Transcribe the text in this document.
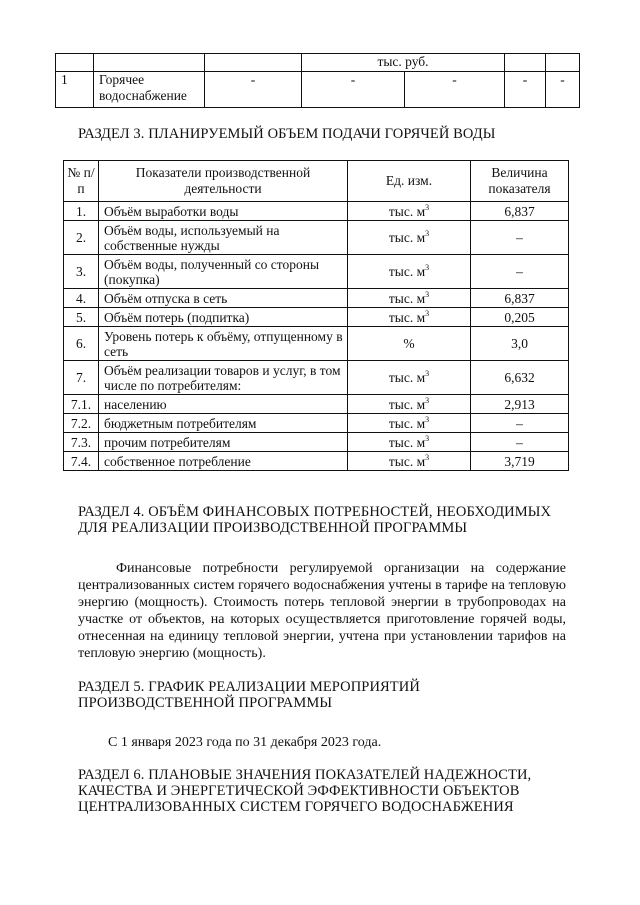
			тыс. руб.			
1	Горячее водоснабжение	-	-	-	-	-
РАЗДЕЛ 3. ПЛАНИРУЕМЫЙ ОБЪЕМ ПОДАЧИ ГОРЯЧЕЙ ВОДЫ
№ п/п	Показатели производственной деятельности	Ед. изм.	Величина показателя
1.	Объём выработки воды	тыс. $м^3$	6,837
2.	Объём воды, используемый на собственные нужды	тыс. $м^3$	–
3.	Объём воды, полученный со стороны (покупка)	тыс. $м^3$	–
4.	Объём отпуска в сеть	тыс. $м^3$	6,837
5.	Объём потерь (подпитка)	тыс. $м^3$	0,205
6.	Уровень потерь к объёму, отпущенному в сеть	%	3,0
7.	Объём реализации товаров и услуг, в том числе по потребителям:	тыс. $м^3$	6,632
7.1.	населению	тыс. $м^3$	2,913
7.2.	бюджетным потребителям	тыс. $м^3$	–
7.3.	прочим потребителям	тыс. $м^3$	–
7.4.	собственное потребление	тыс. $м^3$	3,719
РАЗДЕЛ 4. ОБЪЁМ ФИНАНСОВЫХ ПОТРЕБНОСТЕЙ, НЕОБХОДИМЫХ
ДЛЯ РЕАЛИЗАЦИИ ПРОИЗВОДСТВЕННОЙ ПРОГРАММЫ
Финансовые потребности регулируемой организации на содержание централизованных систем горячего водоснабжения учтены в тарифе на тепловую энергию (мощность). Стоимость потерь тепловой энергии в трубопроводах на участке от объектов, на которых осуществляется приготовление горячей воды, отнесенная на единицу тепловой энергии, учтена при установлении тарифов на тепловую энергию (мощность).
РАЗДЕЛ 5. ГРАФИК РЕАЛИЗАЦИИ МЕРОПРИЯТИЙ
ПРОИЗВОДСТВЕННОЙ ПРОГРАММЫ
С 1 января 2023 года по 31 декабря 2023 года.
РАЗДЕЛ 6. ПЛАНОВЫЕ ЗНАЧЕНИЯ ПОКАЗАТЕЛЕЙ НАДЕЖНОСТИ,
КАЧЕСТВА И ЭНЕРГЕТИЧЕСКОЙ ЭФФЕКТИВНОСТИ ОБЪЕКТОВ
ЦЕНТРАЛИЗОВАННЫХ СИСТЕМ ГОРЯЧЕГО ВОДОСНАБЖЕНИЯ
